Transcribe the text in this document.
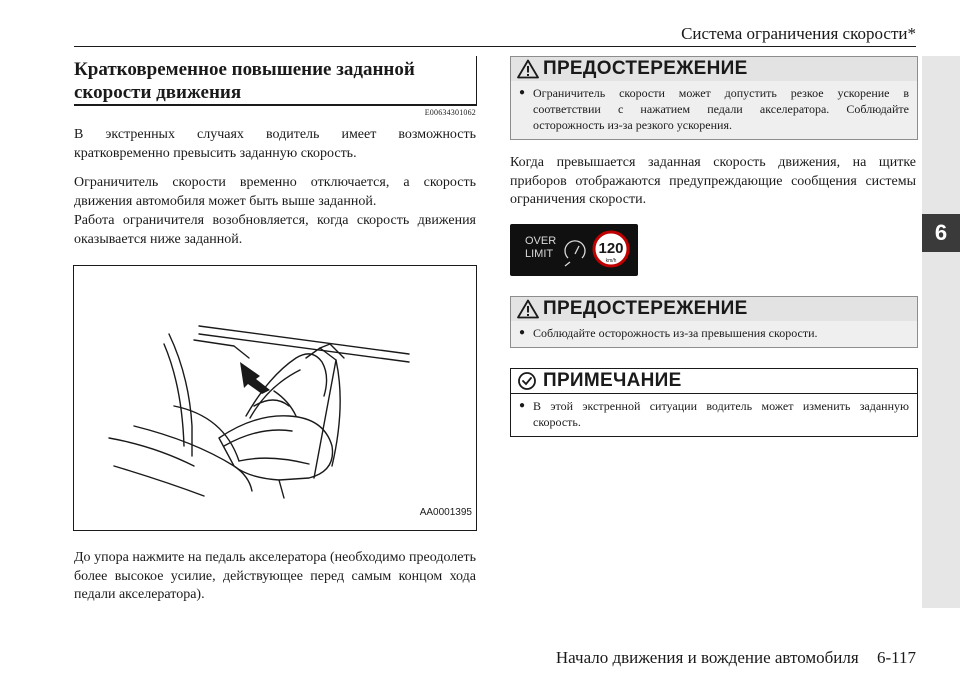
Система ограничения скорости*
6
Кратковременное повышение заданной скорости движения
E00634301062
В экстренных случаях водитель имеет возможность кратковременно превысить заданную скорость.
Ограничитель скорости временно отключается, а скорость движения автомобиля может быть выше заданной.
Работа ограничителя возобновляется, когда скорость движения оказывается ниже заданной.
AA0001395
До упора нажмите на педаль акселератора (необходимо преодолеть более высокое усилие, действующее перед самым концом хода педали акселератора).
ПРЕДОСТЕРЕЖЕНИЕ
● Ограничитель скорости может допустить резкое ускорение в соответствии с нажатием педали акселератора. Соблюдайте осторожность из-за резкого ускорения.
Когда превышается заданная скорость движения, на щитке приборов отображаются предупреждающие сообщения системы ограничения скорости.
OVER
LIMIT	120
km/h
ПРЕДОСТЕРЕЖЕНИЕ
● Соблюдайте осторожность из-за превышения скорости.
ПРИМЕЧАНИЕ
● В этой экстренной ситуации водитель может изменить заданную скорость.
Начало движения и вождение автомобиля 6-117
